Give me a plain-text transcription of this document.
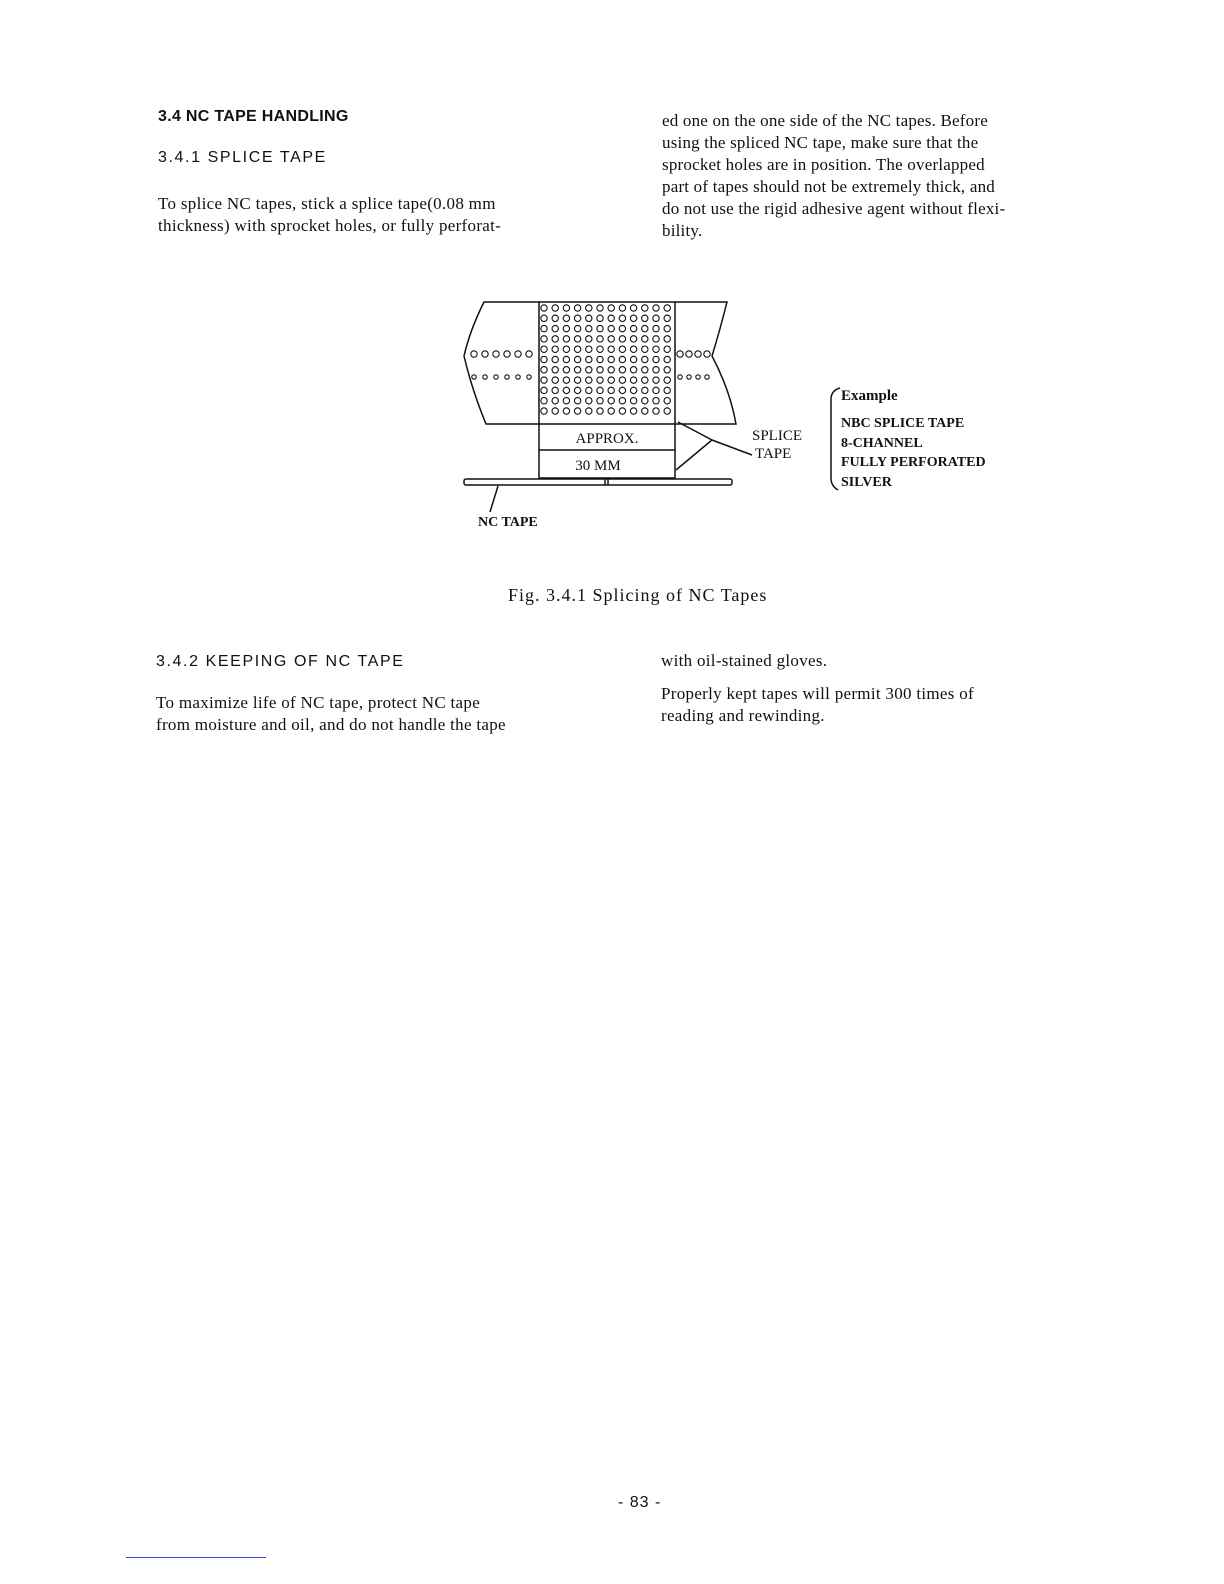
3.4 NC TAPE HANDLING
3.4.1 SPLICE TAPE
To splice NC tapes, stick a splice tape(0.08 mm
thickness) with sprocket holes, or fully perforat-
ed one on the one side of the NC tapes. Before
using the spliced NC tape, make sure that the
sprocket holes are in position. The overlapped
part of tapes should not be extremely thick, and
do not use the rigid adhesive agent without flexi-
bility.
APPROX.
30 MM
SPLICE
TAPE
NC TAPE
Example
NBC SPLICE TAPE
8-CHANNEL
FULLY PERFORATED
SILVER
Fig. 3.4.1 Splicing of NC Tapes
3.4.2 KEEPING OF NC TAPE
To maximize life of NC tape, protect NC tape
from moisture and oil, and do not handle the tape
with oil-stained gloves.
Properly kept tapes will permit 300 times of
reading and rewinding.
- 83 -
